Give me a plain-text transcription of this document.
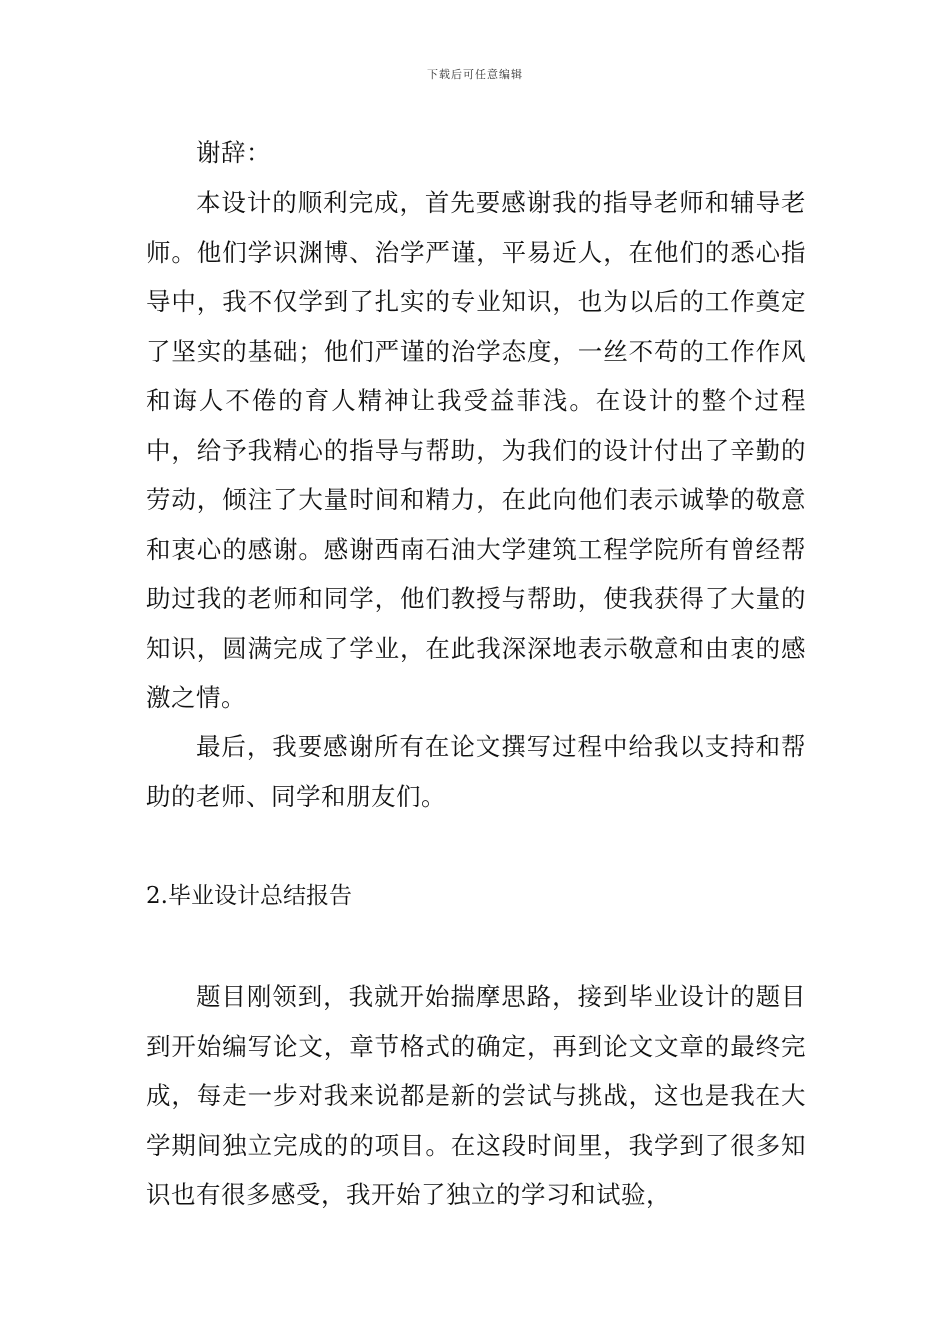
下载后可任意编辑

谢辞：

本设计的顺利完成，首先要感谢我的指导老师和辅导老师。他们学识渊博、治学严谨，平易近人，在他们的悉心指导中，我不仅学到了扎实的专业知识，也为以后的工作奠定了坚实的基础；他们严谨的治学态度，一丝不苟的工作作风和诲人不倦的育人精神让我受益菲浅。在设计的整个过程中，给予我精心的指导与帮助，为我们的设计付出了辛勤的劳动，倾注了大量时间和精力，在此向他们表示诚挚的敬意和衷心的感谢。感谢西南石油大学建筑工程学院所有曾经帮助过我的老师和同学，他们教授与帮助，使我获得了大量的知识，圆满完成了学业，在此我深深地表示敬意和由衷的感激之情。

最后，我要感谢所有在论文撰写过程中给我以支持和帮助的老师、同学和朋友们。

2.毕业设计总结报告

题目刚领到，我就开始揣摩思路，接到毕业设计的题目到开始编写论文，章节格式的确定，再到论文文章的最终完成，每走一步对我来说都是新的尝试与挑战，这也是我在大学期间独立完成的的项目。在这段时间里，我学到了很多知识也有很多感受，我开始了独立的学习和试验，
